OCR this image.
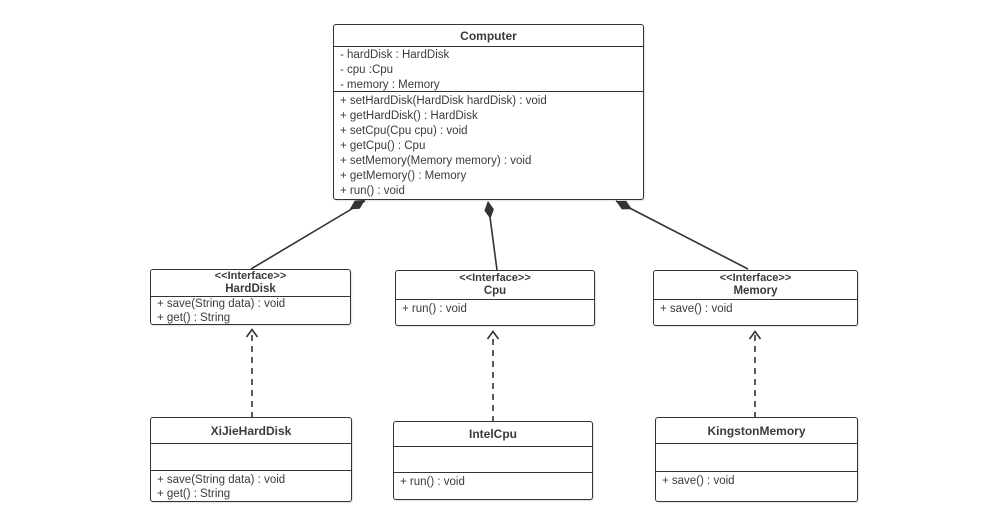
Computer
- hardDisk : HardDisk
- cpu :Cpu
- memory : Memory
+ setHardDisk(HardDisk hardDisk) : void
+ getHardDisk() : HardDisk
+ setCpu(Cpu cpu) : void
+ getCpu() : Cpu
+ setMemory(Memory memory) : void
+ getMemory() : Memory
+ run() : void
<<Interface>>
HardDisk
+ save(String data) : void
+ get() : String
<<Interface>>
Cpu
+ run() : void
<<Interface>>
Memory
+ save() : void
XiJieHardDisk
+ save(String data) : void
+ get() : String
IntelCpu
+ run() : void
KingstonMemory
+ save() : void
